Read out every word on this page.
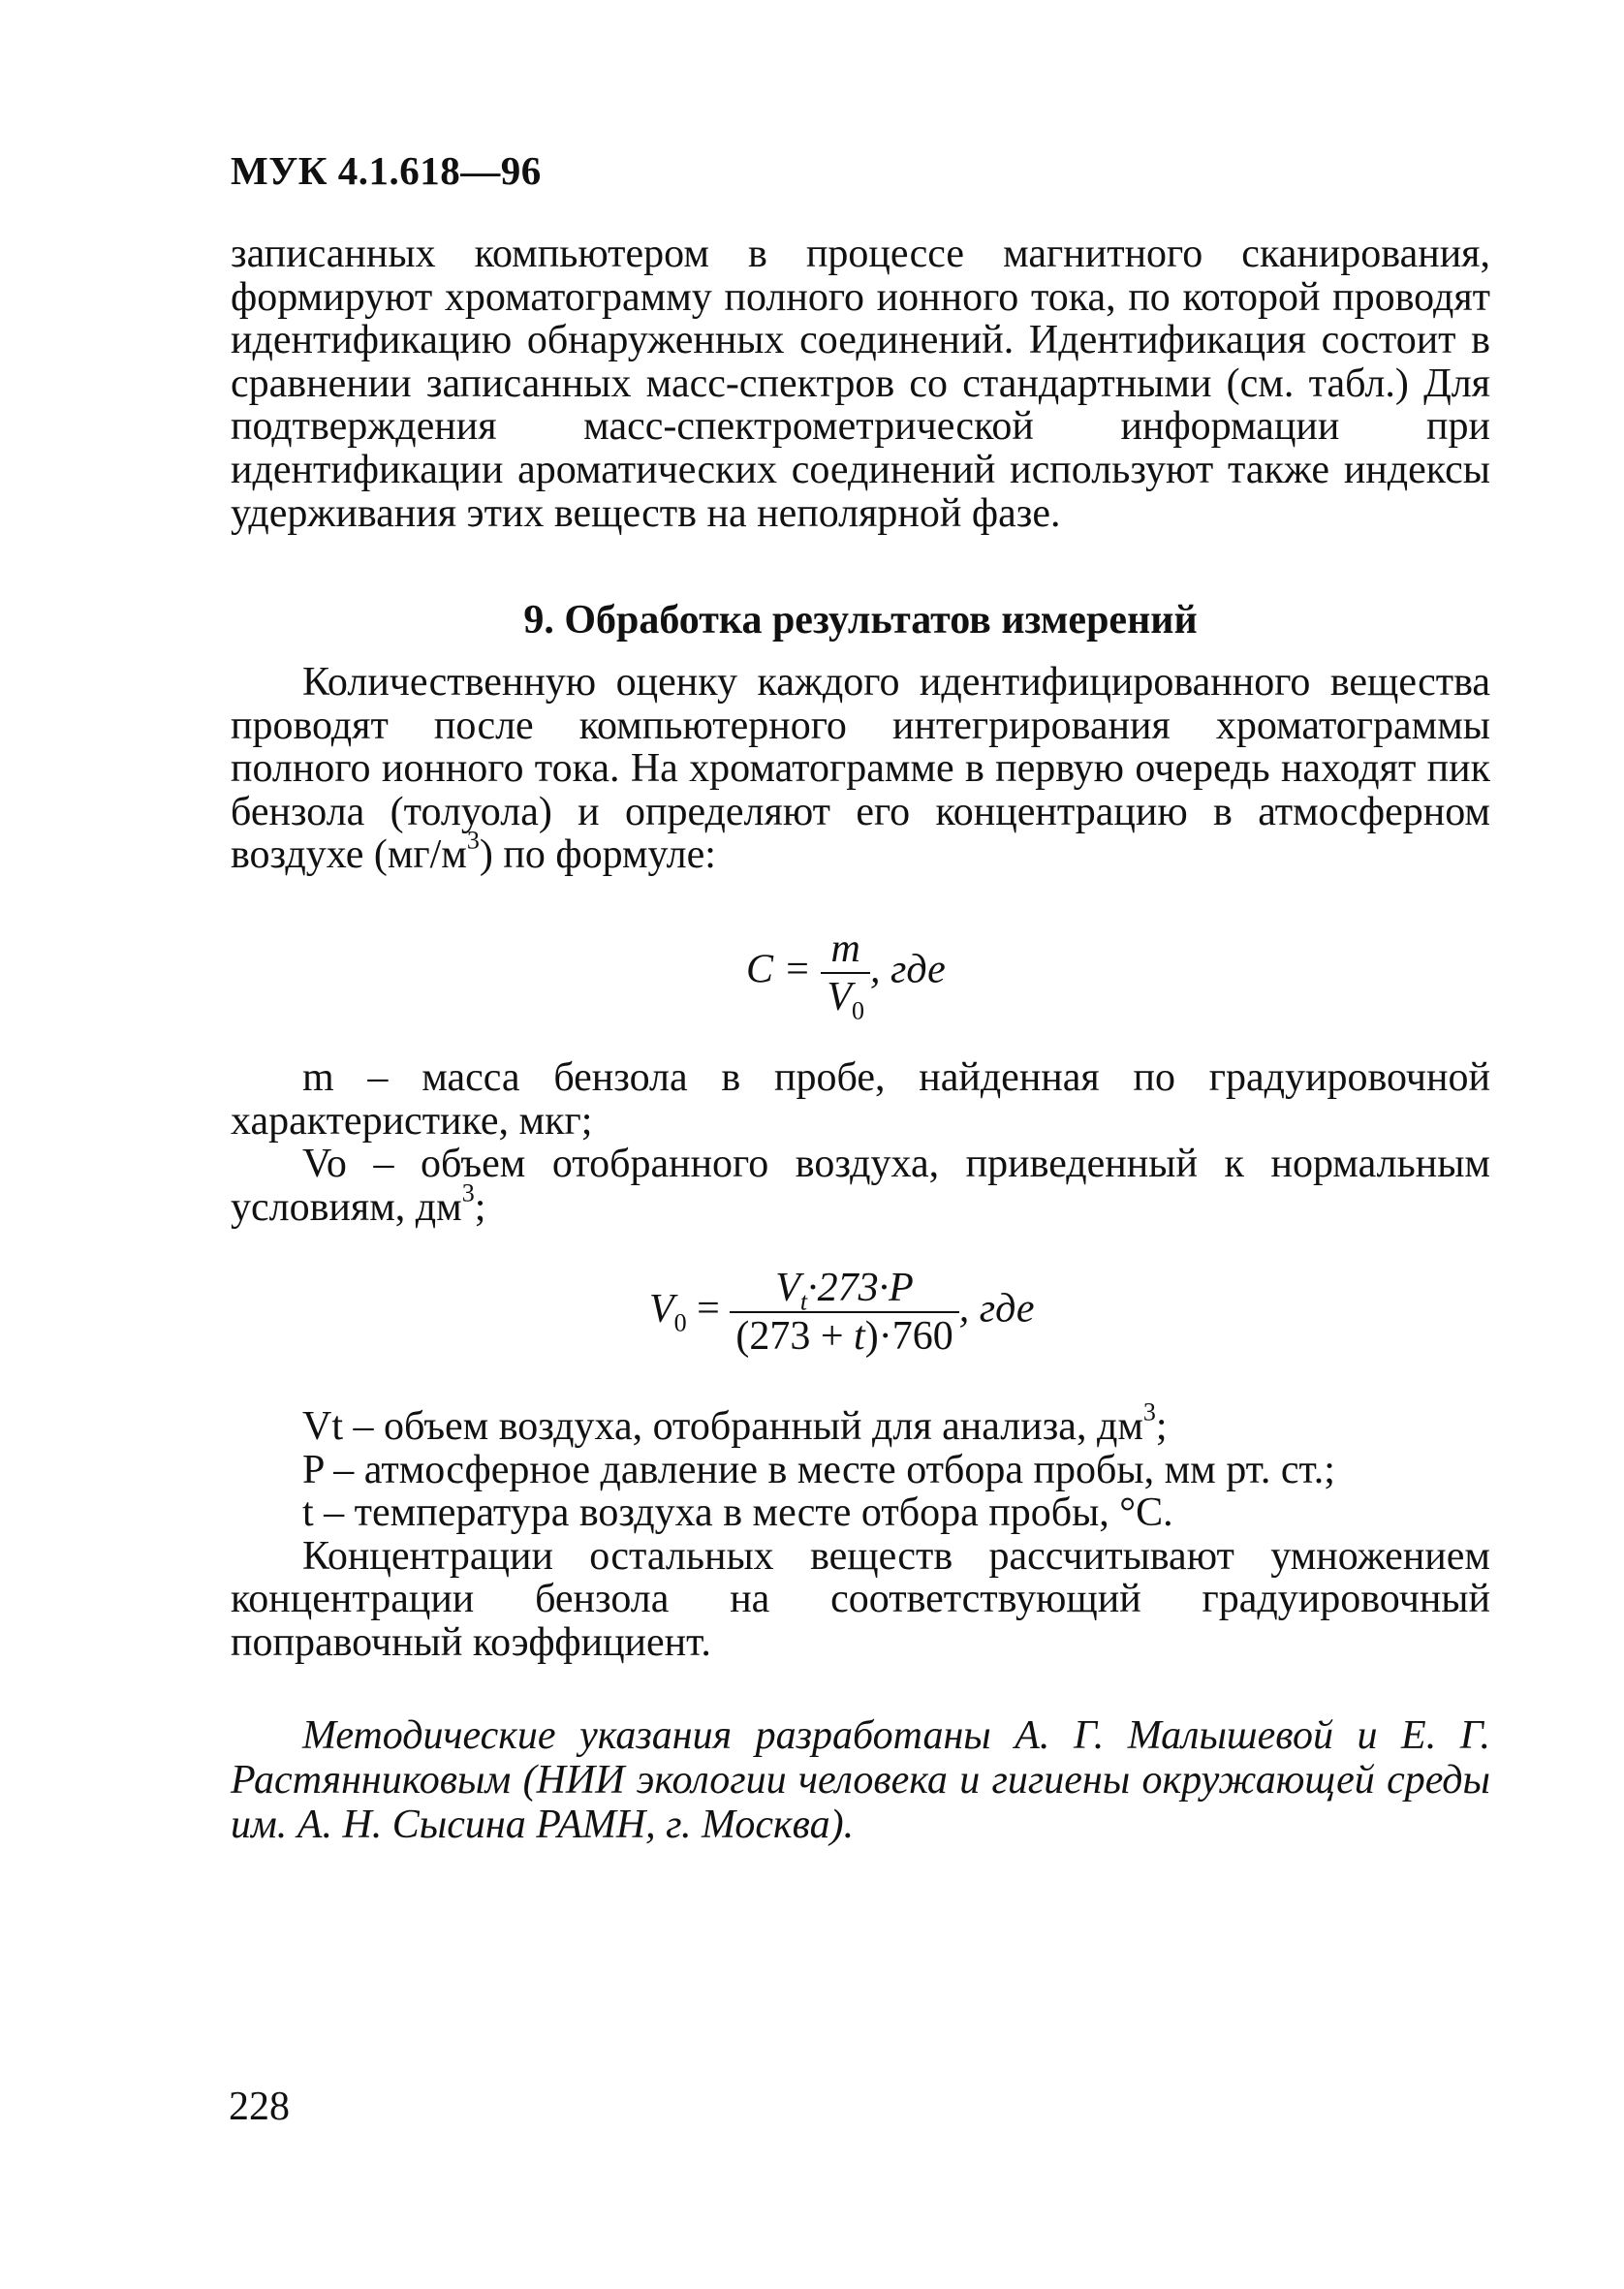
МУК 4.1.618—96

записанных компьютером в процессе магнитного сканирования, формируют хроматограмму полного ионного тока, по которой проводят идентификацию обнаруженных соединений. Идентификация состоит в сравнении записанных масс-спектров со стандартными (см. табл.) Для подтверждения масс-спектрометрической информации при идентификации ароматических соединений используют также индексы удерживания этих веществ на неполярной фазе.

9. Обработка результатов измерений

Количественную оценку каждого идентифицированного вещества проводят после компьютерного интегрирования хроматограммы полного ионного тока. На хроматограмме в первую очередь находят пик бензола (толуола) и определяют его концентрацию в атмосферном воздухе $(мг/м^3)$ по формуле:

$C = \frac{m}{V_0}$ , где

m – масса бензола в пробе, найденная по градуировочной характеристике, мкг;

Vo – объем отобранного воздуха, приведенный к нормальным условиям, $дм^3$;

$V_0 = \frac{V_t\cdot 273\cdot P}{(273 + t)\cdot 760}$ , где

Vt – объем воздуха, отобранный для анализа, $дм^3$;

P – атмосферное давление в месте отбора пробы, мм рт. ст.;

t – температура воздуха в месте отбора пробы, °C.

Концентрации остальных веществ рассчитывают умножением концентрации бензола на соответствующий градуировочный поправочный коэффициент.

Методические указания разработаны А. Г. Малышевой и Е. Г. Растянниковым (НИИ экологии человека и гигиены окружающей среды им. А. Н. Сысина РАМН, г. Москва).

228
